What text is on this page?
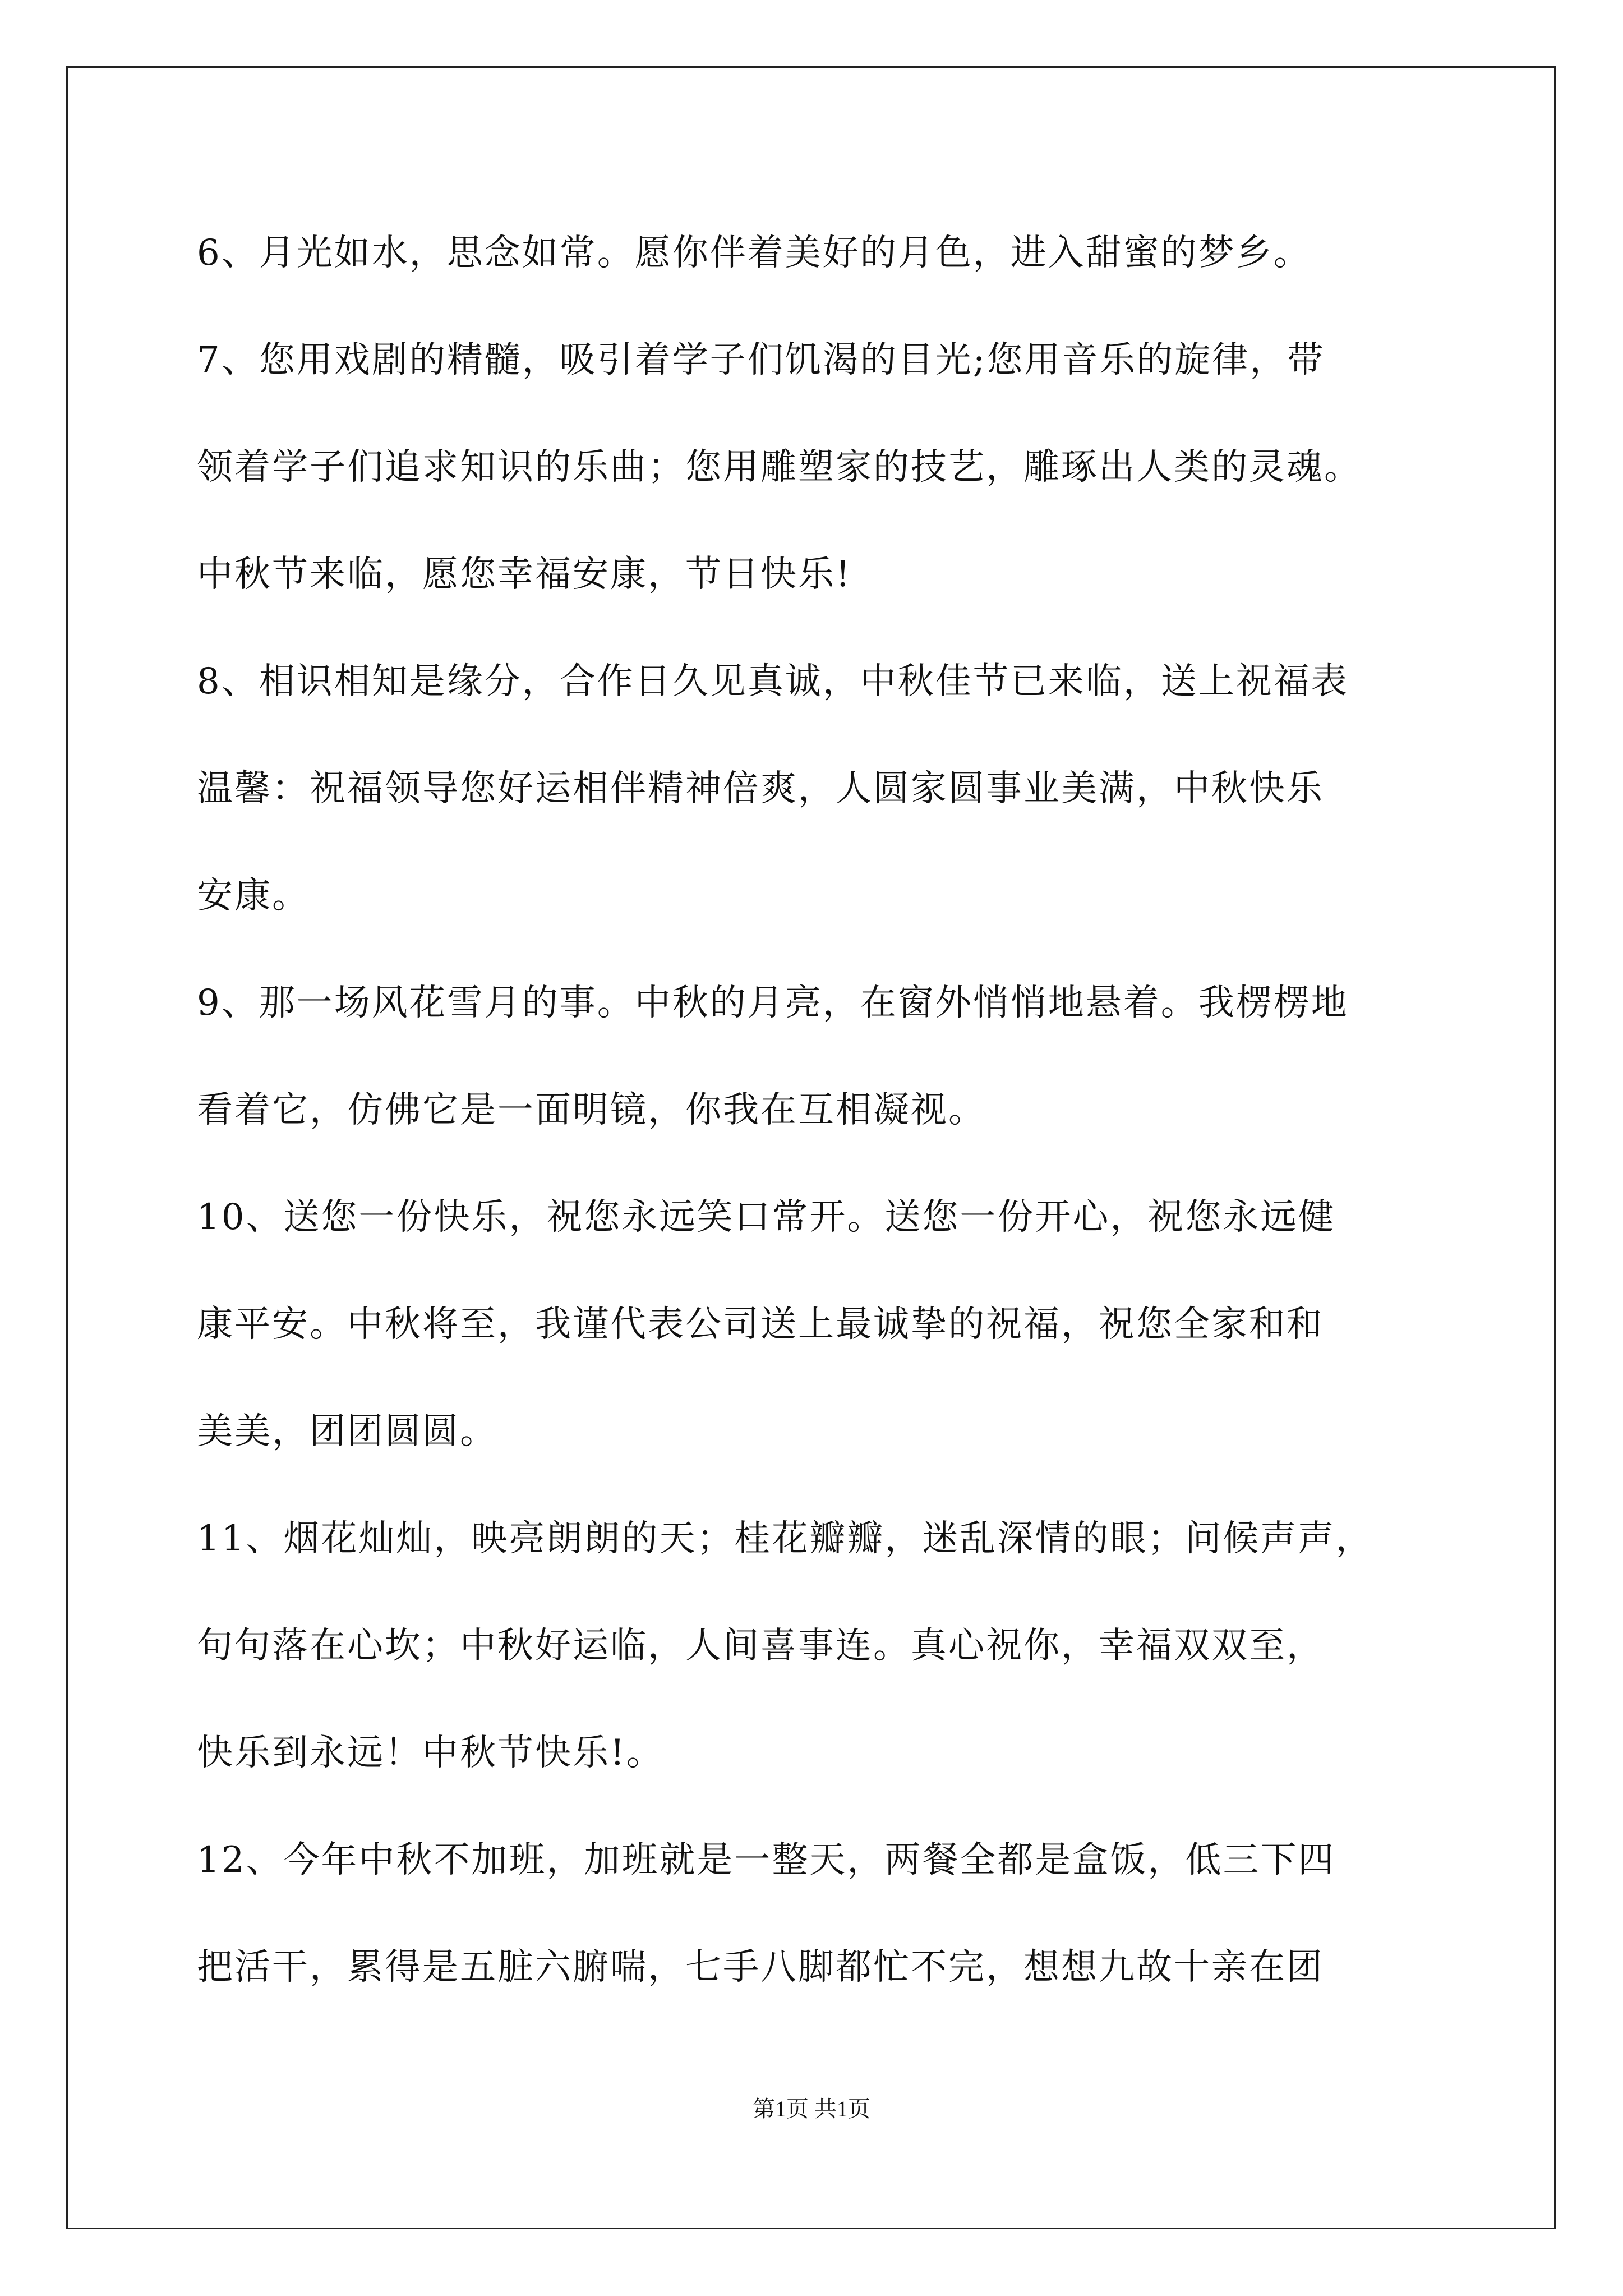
6、月光如水，思念如常。愿你伴着美好的月色，进入甜蜜的梦乡。
7、您用戏剧的精髓，吸引着学子们饥渴的目光;您用音乐的旋律，带
领着学子们追求知识的乐曲；您用雕塑家的技艺，雕琢出人类的灵魂。
中秋节来临，愿您幸福安康，节日快乐!
8、相识相知是缘分，合作日久见真诚，中秋佳节已来临，送上祝福表
温馨：祝福领导您好运相伴精神倍爽，人圆家圆事业美满，中秋快乐
安康。
9、那一场风花雪月的事。中秋的月亮，在窗外悄悄地悬着。我楞楞地
看着它，仿佛它是一面明镜，你我在互相凝视。
10、送您一份快乐，祝您永远笑口常开。送您一份开心，祝您永远健
康平安。中秋将至，我谨代表公司送上最诚挚的祝福，祝您全家和和
美美，团团圆圆。
11、烟花灿灿，映亮朗朗的天；桂花瓣瓣，迷乱深情的眼；问候声声，
句句落在心坎；中秋好运临，人间喜事连。真心祝你，幸福双双至，
快乐到永远！中秋节快乐!。
12、今年中秋不加班，加班就是一整天，两餐全都是盒饭，低三下四
把活干，累得是五脏六腑喘，七手八脚都忙不完，想想九故十亲在团
第1页 共1页
